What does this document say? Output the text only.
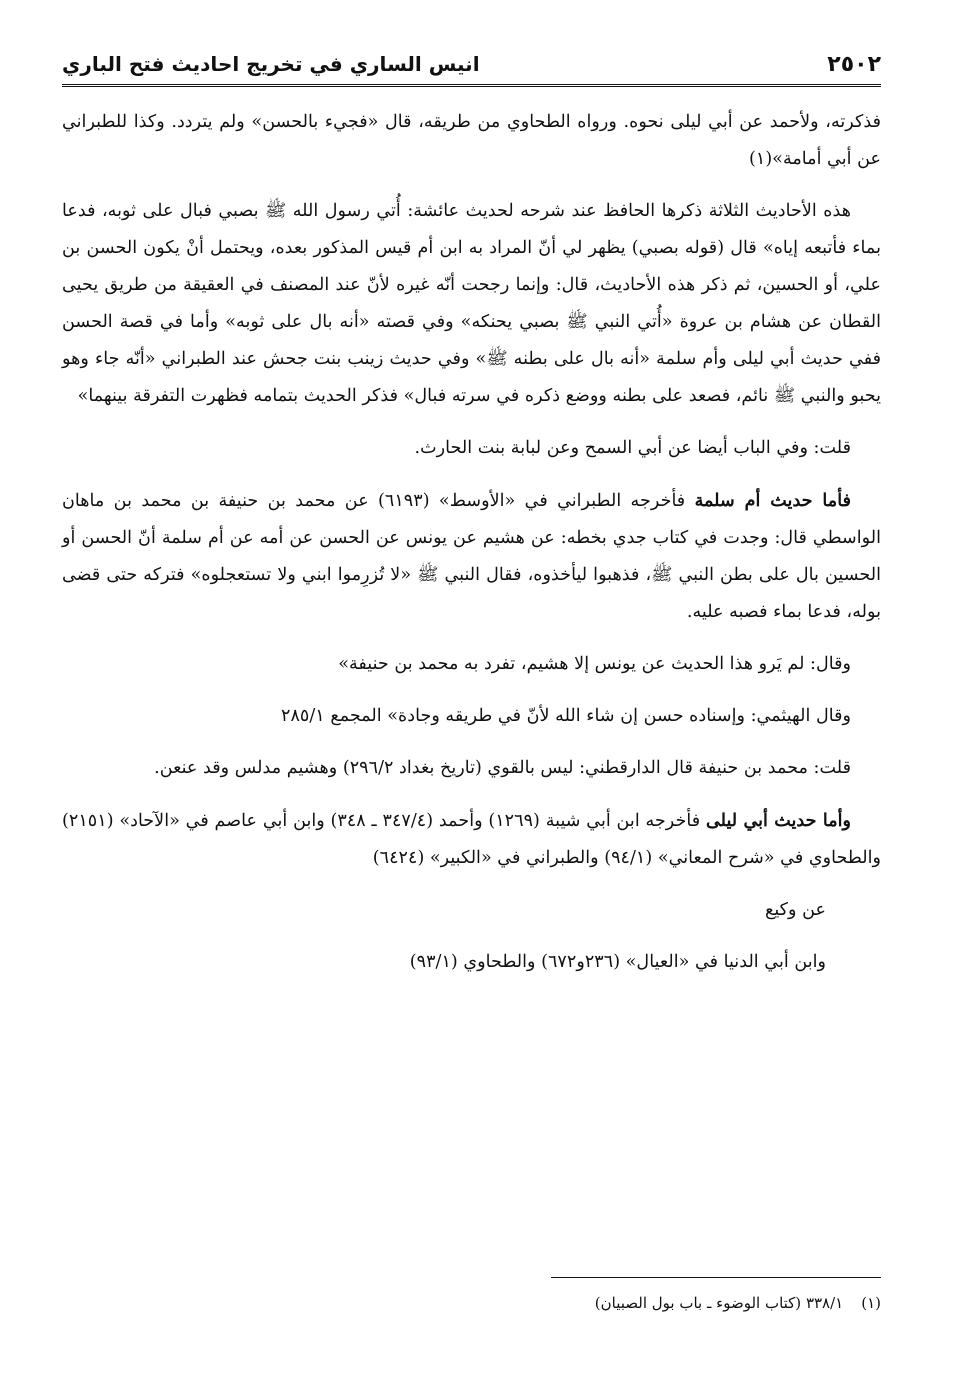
٢٥٠٢
انيس الساري في تخريج احاديث فتح الباري

فذكرته، ولأحمد عن أبي ليلى نحوه. ورواه الطحاوي من طريقه، قال «فجيء بالحسن» ولم يتردد. وكذا للطبراني عن أبي أمامة»(١)

هذه الأحاديث الثلاثة ذكرها الحافظ عند شرحه لحديث عائشة: أُتي رسول الله ﷺ بصبي فبال على ثوبه، فدعا بماء فأتبعه إياه» قال (قوله بصبي) يظهر لي أنّ المراد به ابن أم قيس المذكور بعده، ويحتمل أنْ يكون الحسن بن علي، أو الحسين، ثم ذكر هذه الأحاديث، قال: وإنما رجحت أنّه غيره لأنّ عند المصنف في العقيقة من طريق يحيى القطان عن هشام بن عروة «أُتي النبي ﷺ بصبي يحنكه» وفي قصته «أنه بال على ثوبه» وأما في قصة الحسن ففي حديث أبي ليلى وأم سلمة «أنه بال على بطنه ﷺ» وفي حديث زينب بنت جحش عند الطبراني «أنّه جاء وهو يحبو والنبي ﷺ نائم، فصعد على بطنه ووضع ذكره في سرته فبال» فذكر الحديث بتمامه فظهرت التفرقة بينهما»

قلت: وفي الباب أيضا عن أبي السمح وعن لبابة بنت الحارث.

فأما حديث أم سلمة فأخرجه الطبراني في «الأوسط» (٦١٩٣) عن محمد بن حنيفة بن محمد بن ماهان الواسطي قال: وجدت في كتاب جدي بخطه: عن هشيم عن يونس عن الحسن عن أمه عن أم سلمة أنّ الحسن أو الحسين بال على بطن النبي ﷺ، فذهبوا ليأخذوه، فقال النبي ﷺ «لا تُزرِموا ابني ولا تستعجلوه» فتركه حتى قضى بوله، فدعا بماء فصبه عليه.

وقال: لم يَرو هذا الحديث عن يونس إلا هشيم، تفرد به محمد بن حنيفة»

وقال الهيثمي: وإسناده حسن إن شاء الله لأنّ في طريقه وجادة» المجمع ٢٨٥/١

قلت: محمد بن حنيفة قال الدارقطني: ليس بالقوي (تاريخ بغداد ٢٩٦/٢) وهشيم مدلس وقد عنعن.

وأما حديث أبي ليلى فأخرجه ابن أبي شيبة (١٢٦٩) وأحمد (٣٤٧/٤ ـ ٣٤٨) وابن أبي عاصم في «الآحاد» (٢١٥١) والطحاوي في «شرح المعاني» (٩٤/١) والطبراني في «الكبير» (٦٤٢٤)

عن وكيع

وابن أبي الدنيا في «العيال» (٢٣٦و٦٧٢) والطحاوي (٩٣/١)

(١)٣٣٨/١ (كتاب الوضوء ـ باب بول الصبيان)
